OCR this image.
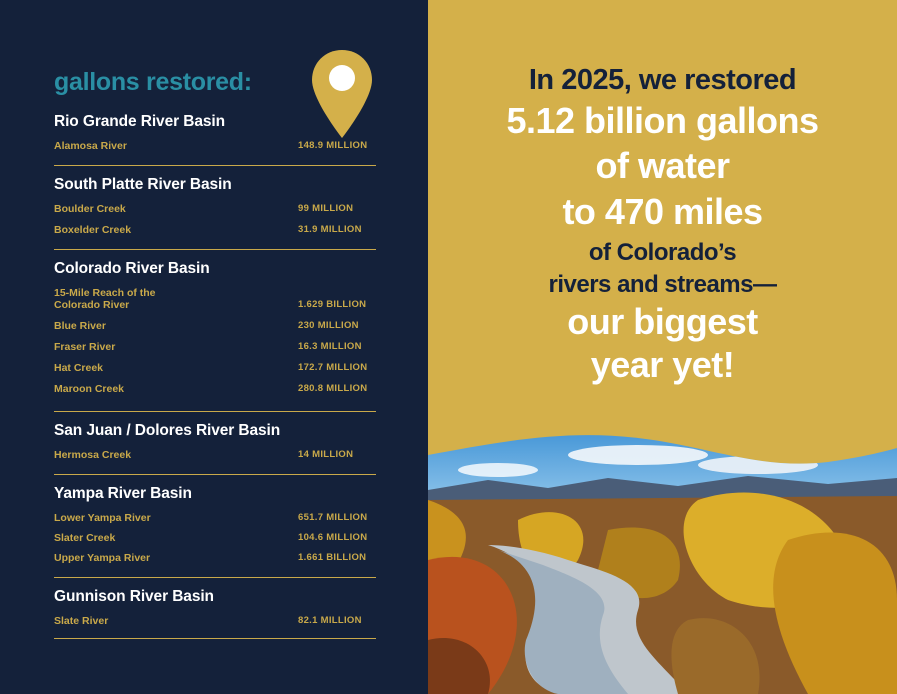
gallons restored:
Rio Grande River Basin
Alamosa River	148.9 MILLION
South Platte River Basin
Boulder Creek	99 MILLION
Boxelder Creek	31.9 MILLION
Colorado River Basin
15-Mile Reach of the Colorado River	1.629 BILLION
Blue River	230 MILLION
Fraser River	16.3 MILLION
Hat Creek	172.7 MILLION
Maroon Creek	280.8 MILLION
San Juan / Dolores River Basin
Hermosa Creek	14 MILLION
Yampa River Basin
Lower Yampa River	651.7 MILLION
Slater Creek	104.6 MILLION
Upper Yampa River	1.661 BILLION
Gunnison River Basin
Slate River	82.1 MILLION
In 2025, we restored
5.12 billion gallons
of water
to 470 miles
of Colorado’s
rivers and streams—
our biggest
year yet!
